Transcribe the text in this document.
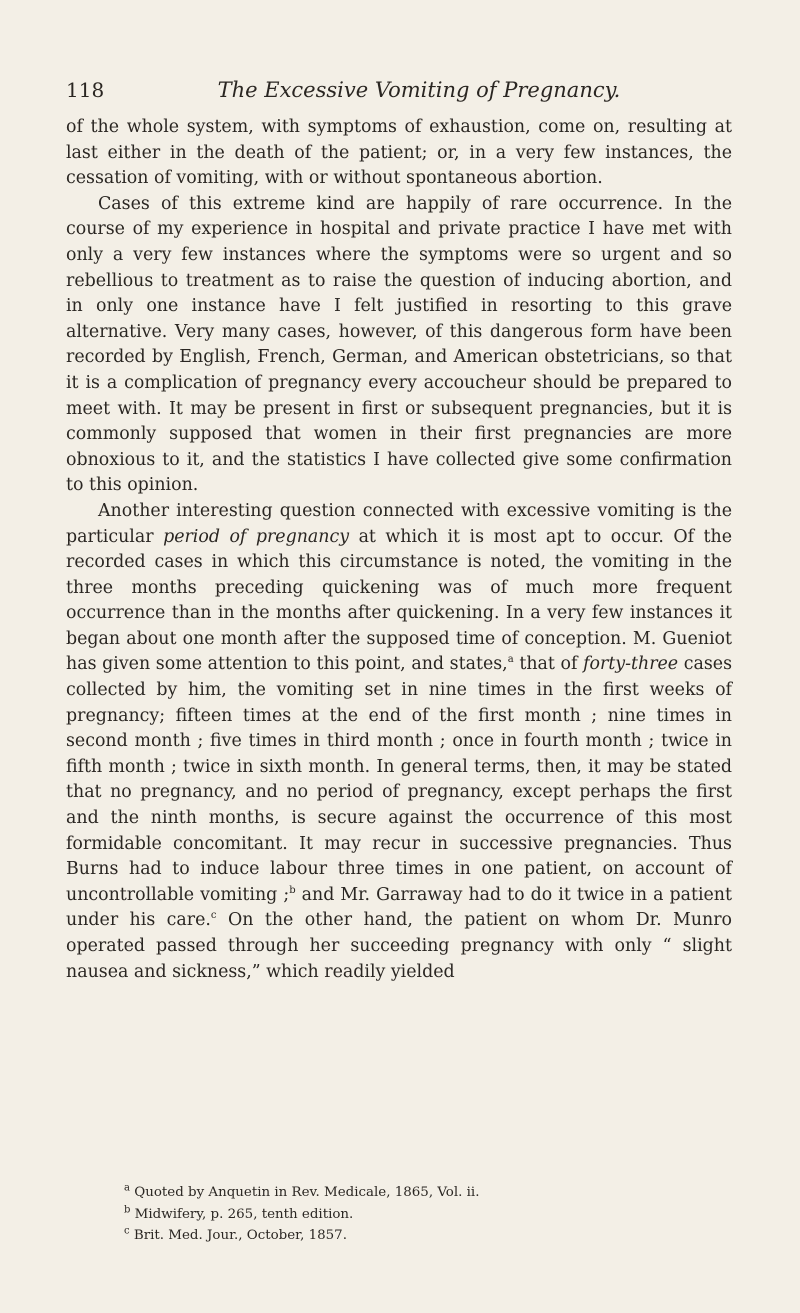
118	The Excessive Vomiting of Pregnancy.

of the whole system, with symptoms of exhaustion, come on, resulting at last either in the death of the patient; or, in a very few instances, the cessation of vomiting, with or without spontaneous abortion.

Cases of this extreme kind are happily of rare occurrence. In the course of my experience in hospital and private practice I have met with only a very few instances where the symptoms were so urgent and so rebellious to treatment as to raise the question of inducing abortion, and in only one instance have I felt justified in resorting to this grave alternative. Very many cases, however, of this dangerous form have been recorded by English, French, German, and American obstetricians, so that it is a complication of pregnancy every accoucheur should be prepared to meet with. It may be present in first or subsequent pregnancies, but it is commonly supposed that women in their first pregnancies are more obnoxious to it, and the statistics I have collected give some confirmation to this opinion.

Another interesting question connected with excessive vomiting is the particular period of pregnancy at which it is most apt to occur. Of the recorded cases in which this circumstance is noted, the vomiting in the three months preceding quickening was of much more frequent occurrence than in the months after quickening. In a very few instances it began about one month after the supposed time of conception. M. Gueniot has given some attention to this point, and states,$^a$ that of forty-three cases collected by him, the vomiting set in nine times in the first weeks of pregnancy; fifteen times at the end of the first month ; nine times in second month ; five times in third month ; once in fourth month ; twice in fifth month ; twice in sixth month. In general terms, then, it may be stated that no pregnancy, and no period of pregnancy, except perhaps the first and the ninth months, is secure against the occurrence of this most formidable concomitant. It may recur in successive pregnancies. Thus Burns had to induce labour three times in one patient, on account of uncontrollable vomiting ;$^b$ and Mr. Garraway had to do it twice in a patient under his care.$^c$ On the other hand, the patient on whom Dr. Munro operated passed through her succeeding pregnancy with only “ slight nausea and sickness,” which readily yielded

$^a$ Quoted by Anquetin in Rev. Medicale, 1865, Vol. ii.

$^b$ Midwifery, p. 265, tenth edition.

$^c$ Brit. Med. Jour., October, 1857.
